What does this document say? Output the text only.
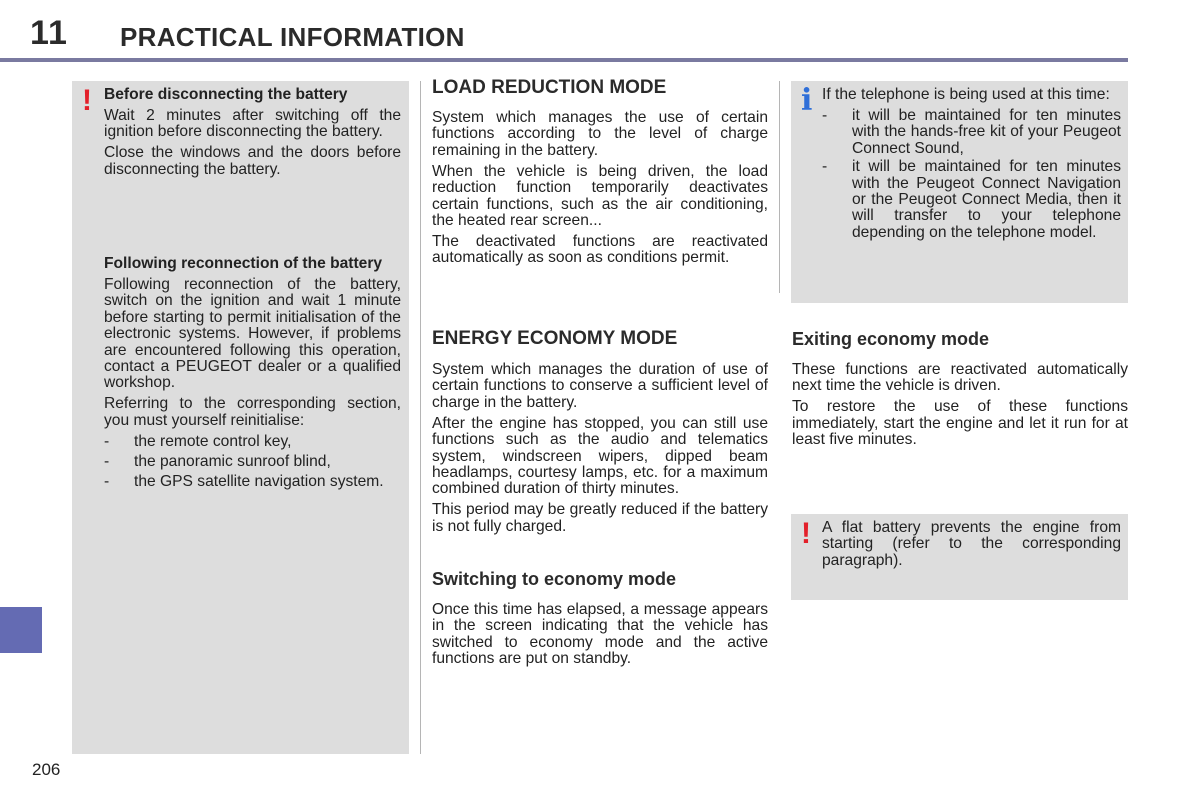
11 PRACTICAL INFORMATION
206
! Before disconnecting the battery

Wait 2 minutes after switching off the ignition before disconnecting the battery.

Close the windows and the doors before disconnecting the battery.

Following reconnection of the battery

Following reconnection of the battery, switch on the ignition and wait 1 minute before starting to permit initialisation of the electronic systems. However, if problems are encountered following this operation, contact a PEUGEOT dealer or a qualified workshop.

Referring to the corresponding section, you must yourself reinitialise:

-	the remote control key,
-	the panoramic sunroof blind,
-	the GPS satellite navigation system.
LOAD REDUCTION MODE

System which manages the use of certain functions according to the level of charge remaining in the battery.

When the vehicle is being driven, the load reduction function temporarily deactivates certain functions, such as the air conditioning, the heated rear screen...

The deactivated functions are reactivated automatically as soon as conditions permit.

i If the telephone is being used at this time:

-	it will be maintained for ten minutes with the hands-free kit of your Peugeot Connect Sound,
-	it will be maintained for ten minutes with the Peugeot Connect Navigation or the Peugeot Connect Media, then it will transfer to your telephone depending on the telephone model.
ENERGY ECONOMY MODE

System which manages the duration of use of certain functions to conserve a sufficient level of charge in the battery.

After the engine has stopped, you can still use functions such as the audio and telematics system, windscreen wipers, dipped beam headlamps, courtesy lamps, etc. for a maximum combined duration of thirty minutes.

This period may be greatly reduced if the battery is not fully charged.

Switching to economy mode

Once this time has elapsed, a message appears in the screen indicating that the vehicle has switched to economy mode and the active functions are put on standby.

Exiting economy mode

These functions are reactivated automatically next time the vehicle is driven.

To restore the use of these functions immediately, start the engine and let it run for at least five minutes.

! A flat battery prevents the engine from starting (refer to the corresponding paragraph).
